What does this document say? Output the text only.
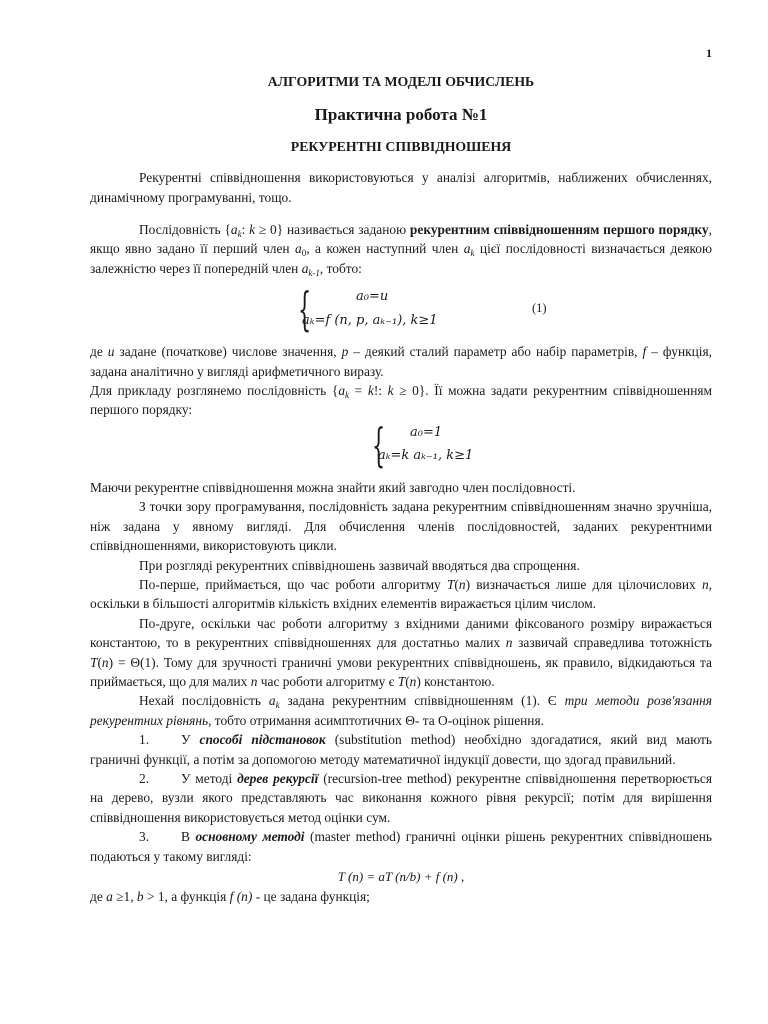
1

АЛГОРИТМИ ТА МОДЕЛІ ОБЧИСЛЕНЬ

Практична робота №1

РЕКУРЕНТНІ СПІВВІДНОШЕНЯ

Рекурентні співвідношення використовуються у аналізі алгоритмів, наближених обчисленнях, динамічному програмуванні, тощо.

Послідовність {$a_k$: k ≥ 0} називається заданою рекурентним співвідношенням першого порядку, якщо явно задано її перший член $a_0$, а кожен наступний член $a_k$ цієї послідовності визначається деякою залежністю через її попередній член $a_{k-1}$, тобто:

{	a₀=u
aₖ=f (n, p, aₖ₋₁), k≥1
(1)

де u задане (початкове) числове значення, p – деякий сталий параметр або набір параметрів, f – функція, задана аналітично у вигляді арифметичного виразу.

Для прикладу розглянемо послідовність {$a_k = k$!: k ≥ 0}. Її можна задати рекурентним співвідношенням першого порядку:

{ a₀=1
aₖ=k aₖ₋₁, k≥1

Маючи рекурентне співвідношення можна знайти який завгодно член послідовності.

З точки зору програмування, послідовність задана рекурентним співвідношенням значно зручніша, ніж задана у явному вигляді. Для обчислення членів послідовностей, заданих рекурентними співвідношеннями, використовують цикли.

При розгляді рекурентних співвідношень зазвичай вводяться два спрощення.

По-перше, приймається, що час роботи алгоритму T(n) визначається лише для цілочислових n, оскільки в більшості алгоритмів кількість вхідних елементів виражається цілим числом.

По-друге, оскільки час роботи алгоритму з вхідними даними фіксованого розміру виражається константою, то в рекурентних співвідношеннях для достатньо малих n зазвичай справедлива тотожність T(n) = Θ(1). Тому для зручності граничні умови рекурентних співвідношень, як правило, відкидаються та приймається, що для малих n час роботи алгоритму є T(n) константою.

Нехай послідовність $a_k$ задана рекурентним співвідношенням (1). Є три методи розв'язання рекурентних рівнянь, тобто отримання асимптотичних Θ- та О-оцінок рішення.

1. У способі підстановок (substitution method) необхідно здогадатися, який вид мають граничні функції, а потім за допомогою методу математичної індукції довести, що здогад правильний.

2. У методі дерев рекурсії (recursion-tree method) рекурентне співвідношення перетворюється на дерево, вузли якого представляють час виконання кожного рівня рекурсії; потім для вирішення співвідношення використовується метод оцінки сум.

3. В основному методі (master method) граничні оцінки рішень рекурентних співвідношень подаються у такому вигляді:

T (n) = aT (n/b) + f (n) ,

де a ≥1, b > 1, а функція f (n) - це задана функція;
